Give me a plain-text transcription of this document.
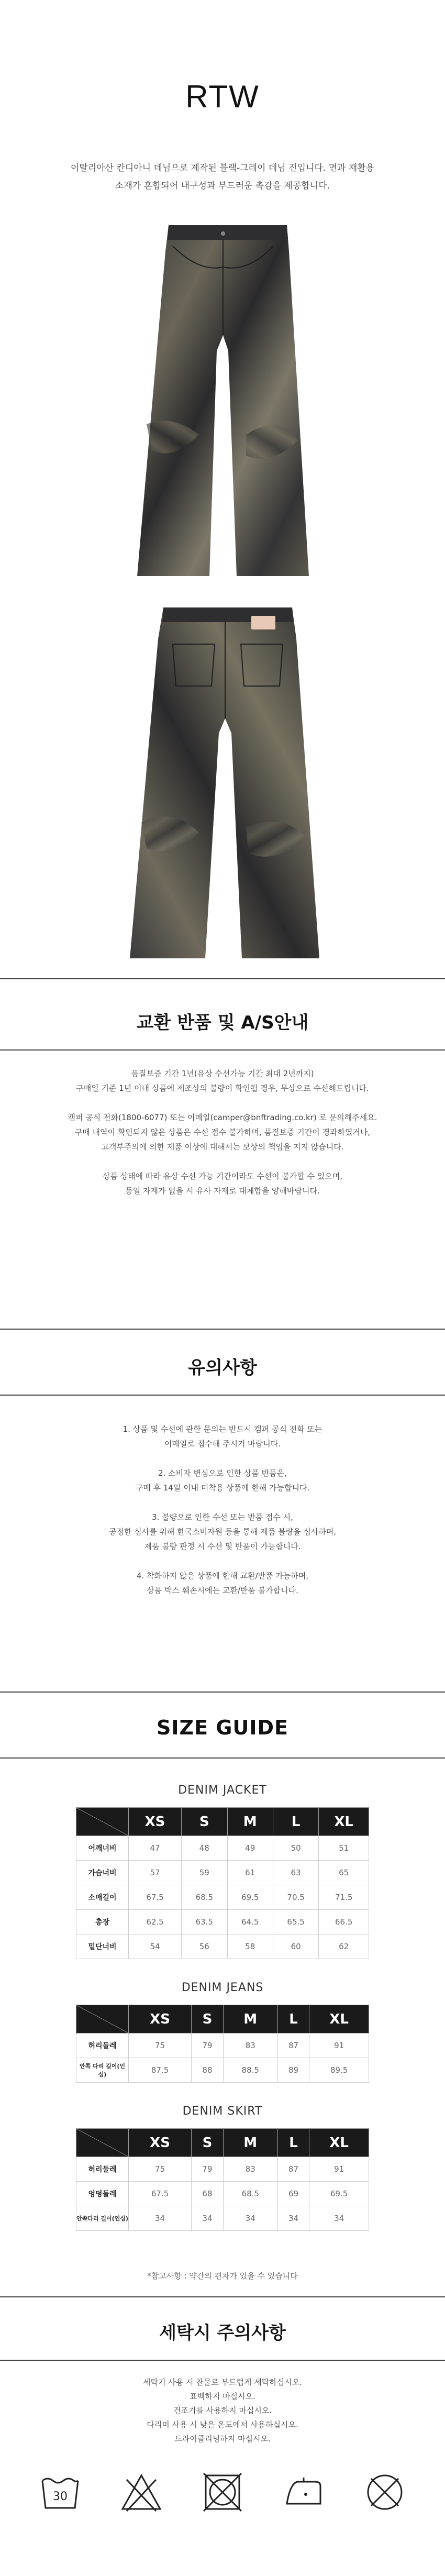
RTW
이탈리아산 칸디아니 데님으로 제작된 블랙-그레이 데님 진입니다. 면과 재활용
소재가 혼합되어 내구성과 부드러운 촉감을 제공합니다.
교환 반품 및 A/S안내
품질보증 기간 1년(유상 수선가능 기간 최대 2년까지)
구매일 기준 1년 이내 상품에 제조상의 불량이 확인될 경우, 무상으로 수선해드립니다.
캠퍼 공식 전화(1800-6077) 또는 이메일(camper@bnftrading.co.kr) 로 문의해주세요.
구매 내역이 확인되지 않은 상품은 수선 접수 불가하며, 품질보증 기간이 경과하였거나,
고객부주의에 의한 제품 이상에 대해서는 보상의 책임을 지지 않습니다.
상품 상태에 따라 유상 수선 가능 기간이라도 수선이 불가할 수 있으며,
동일 자재가 없을 시 유사 자재로 대체함을 양해바랍니다.
유의사항
1. 상품 및 수선에 관한 문의는 반드시 캠퍼 공식 전화 또는
이메일로 접수해 주시기 바랍니다.
2. 소비자 변심으로 인한 상품 반품은,
구매 후 14일 이내 미착용 상품에 한해 가능합니다.
3. 불량으로 인한 수선 또는 반품 접수 시,
공정한 심사를 위해 한국소비자원 등을 통해 제품 불량을 심사하며,
제품 불량 판정 시 수선 및 반품이 가능합니다.
4. 착화하지 않은 상품에 한해 교환/반품 가능하며,
상품 박스 훼손시에는 교환/반품 불가합니다.
SIZE GUIDE
DENIM JACKET
	XS	S	M	L	XL
어깨너비	47	48	49	50	51
가슴너비	57	59	61	63	65
소매길이	67.5	68.5	69.5	70.5	71.5
총장	62.5	63.5	64.5	65.5	66.5
밑단너비	54	56	58	60	62
DENIM JEANS
	XS	S	M	L	XL
허리둘레	75	79	83	87	91
안쪽 다리 길이(인심)	87.5	88	88.5	89	89.5
DENIM SKIRT
	XS	S	M	L	XL
허리둘레	75	79	83	87	91
엉덩둘레	67.5	68	68.5	69	69.5
안쪽다리 길이(인심)	34	34	34	34	34
*참고사항 : 약간의 편차가 있을 수 있습니다
세탁시 주의사항
세탁기 사용 시 찬물로 부드럽게 세탁하십시오.
표백하지 마십시오.
건조기를 사용하지 마십시오.
다리미 사용 시 낮은 온도에서 사용하십시오.
드라이클리닝하지 마십시오.
30
